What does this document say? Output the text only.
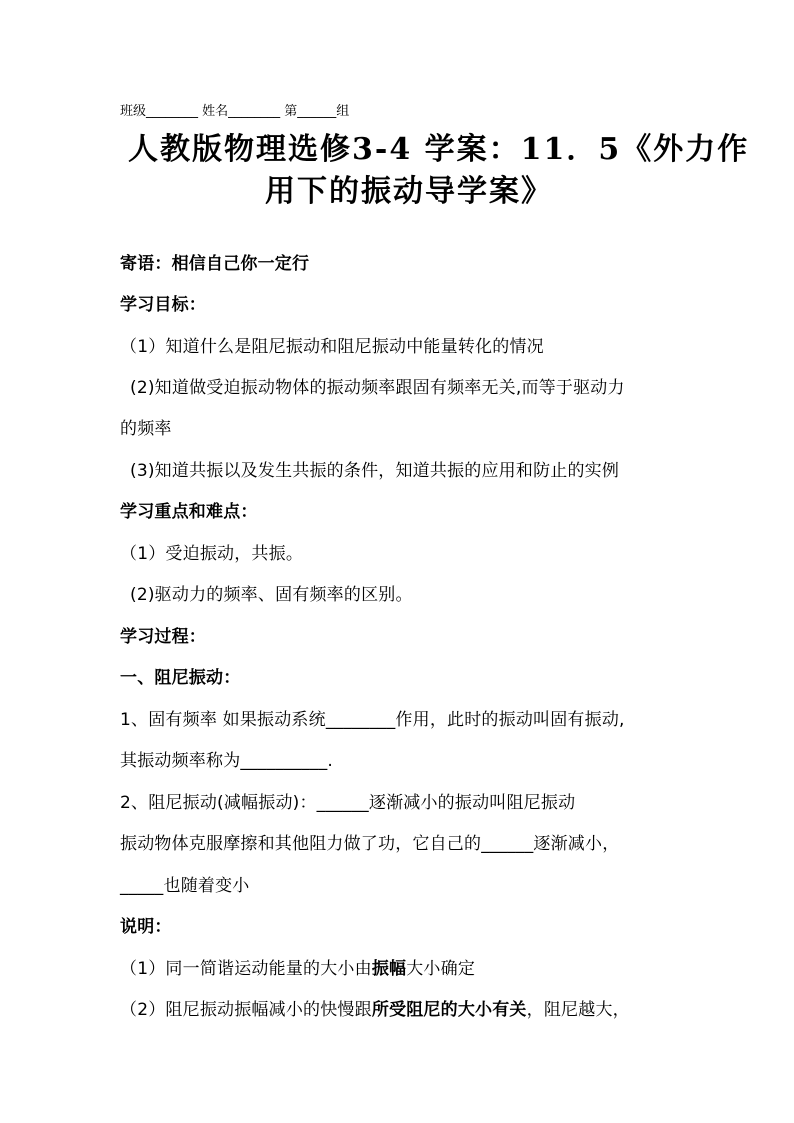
班级________ 姓名________ 第______组
人教版物理选修3-4 学案：11．5《外力作
用下的振动导学案》
寄语：相信自己你一定行
学习目标：
（1）知道什么是阻尼振动和阻尼振动中能量转化的情况
(2)知道做受迫振动物体的振动频率跟固有频率无关,而等于驱动力
的频率
(3)知道共振以及发生共振的条件，知道共振的应用和防止的实例
学习重点和难点：
（1）受迫振动，共振。
(2)驱动力的频率、固有频率的区别。
学习过程：
一、阻尼振动：
1、固有频率 如果振动系统________作用，此时的振动叫固有振动,
其振动频率称为__________.
2、阻尼振动(减幅振动)：______逐渐减小的振动叫阻尼振动
振动物体克服摩擦和其他阻力做了功，它自己的______逐渐减小，
_____也随着变小
说明：
（1）同一简谐运动能量的大小由振幅大小确定
（2）阻尼振动振幅减小的快慢跟所受阻尼的大小有关，阻尼越大，
